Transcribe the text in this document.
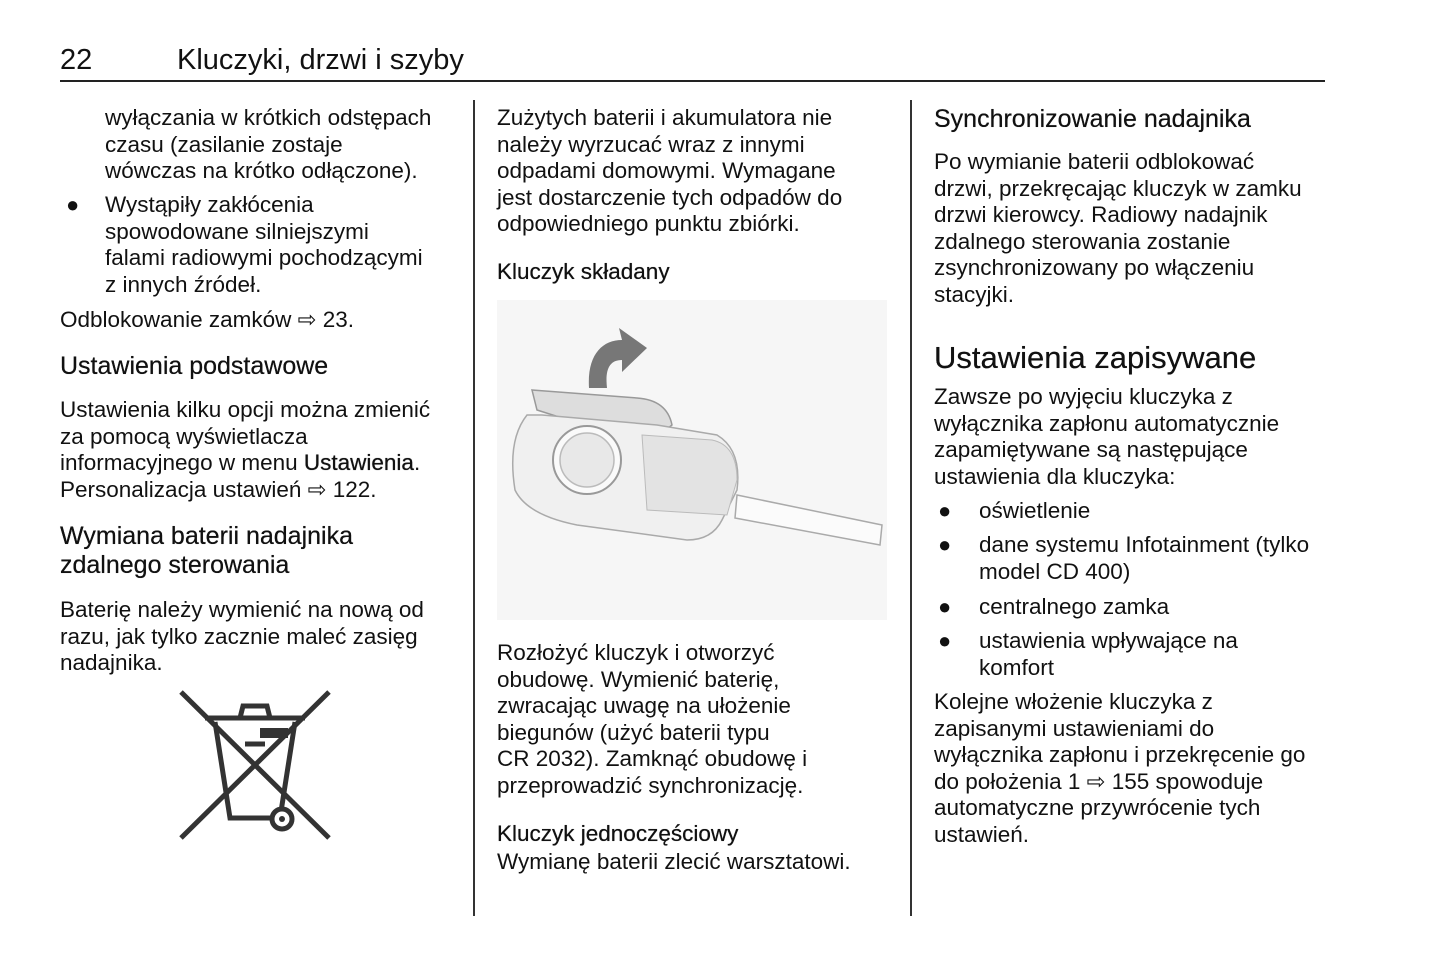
22	Kluczyki, drzwi i szyby
wyłączania w krótkich odstępach
czasu (zasilanie zostaje
wówczas na krótko odłączone).
● Wystąpiły zakłócenia
spowodowane silniejszymi
falami radiowymi pochodzącymi
z innych źródeł.
Odblokowanie zamków ⇨ 23.
Ustawienia podstawowe
Ustawienia kilku opcji można zmienić
za pomocą wyświetlacza
informacyjnego w menu Ustawienia.
Personalizacja ustawień ⇨ 122.
Wymiana baterii nadajnika
zdalnego sterowania
Baterię należy wymienić na nową od
razu, jak tylko zacznie maleć zasięg
nadajnika.
Zużytych baterii i akumulatora nie
należy wyrzucać wraz z innymi
odpadami domowymi. Wymagane
jest dostarczenie tych odpadów do
odpowiedniego punktu zbiórki.
Kluczyk składany
Rozłożyć kluczyk i otworzyć
obudowę. Wymienić baterię,
zwracając uwagę na ułożenie
biegunów (użyć baterii typu
CR 2032). Zamknąć obudowę i
przeprowadzić synchronizację.
Kluczyk jednoczęściowy
Wymianę baterii zlecić warsztatowi.
Synchronizowanie nadajnika
Po wymianie baterii odblokować
drzwi, przekręcając kluczyk w zamku
drzwi kierowcy. Radiowy nadajnik
zdalnego sterowania zostanie
zsynchronizowany po włączeniu
stacyjki.
Ustawienia zapisywane
Zawsze po wyjęciu kluczyka z
wyłącznika zapłonu automatycznie
zapamiętywane są następujące
ustawienia dla kluczyka:
● oświetlenie
● dane systemu Infotainment (tylko
model CD 400)
● centralnego zamka
● ustawienia wpływające na
komfort
Kolejne włożenie kluczyka z
zapisanymi ustawieniami do
wyłącznika zapłonu i przekręcenie go
do położenia 1 ⇨ 155 spowoduje
automatyczne przywrócenie tych
ustawień.
